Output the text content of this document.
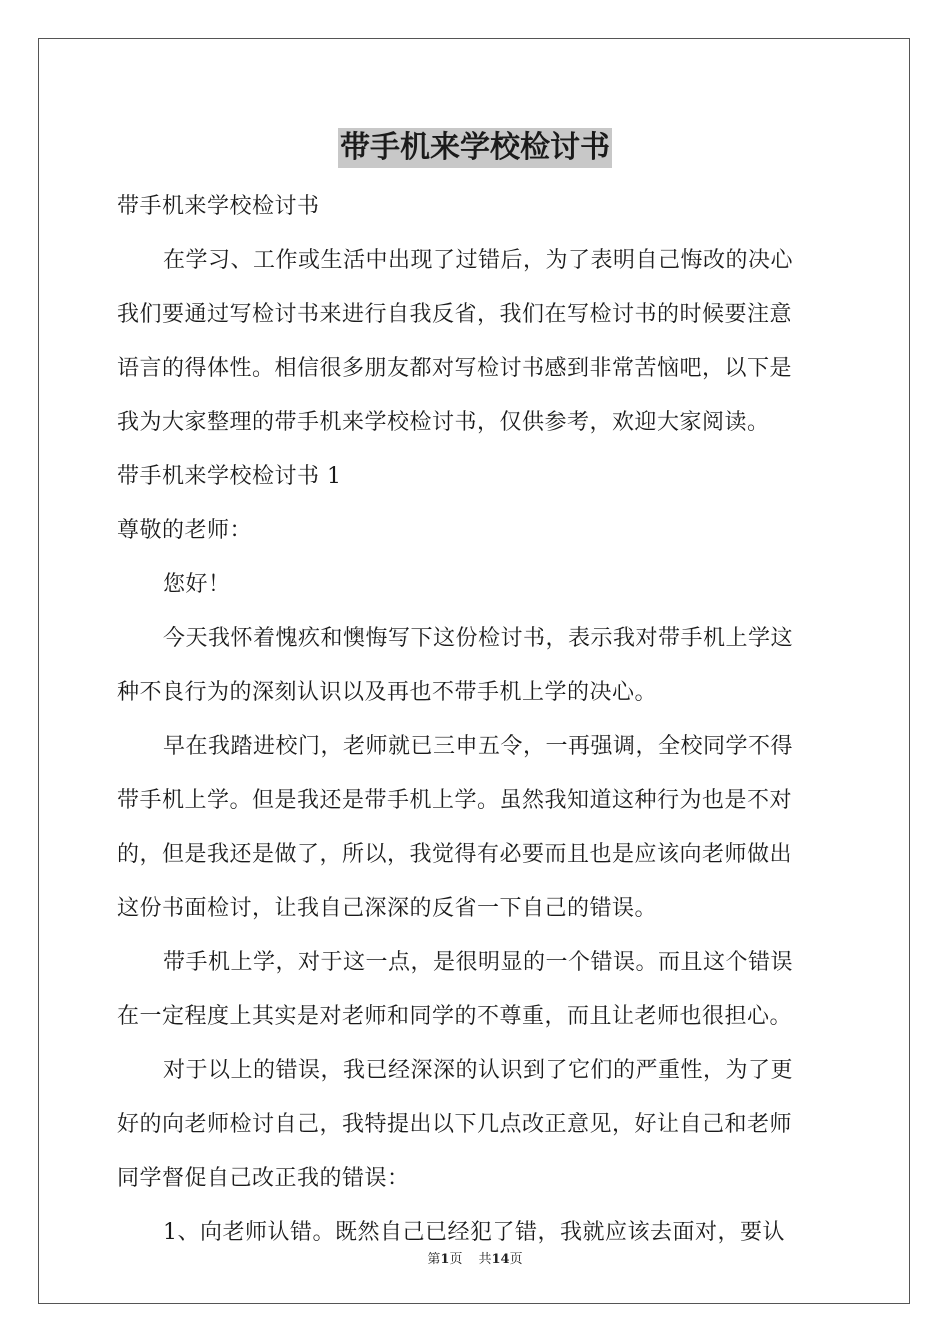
带手机来学校检讨书
带手机来学校检讨书
在学习、工作或生活中出现了过错后，为了表明自己悔改的决心
我们要通过写检讨书来进行自我反省，我们在写检讨书的时候要注意
语言的得体性。相信很多朋友都对写检讨书感到非常苦恼吧，以下是
我为大家整理的带手机来学校检讨书，仅供参考，欢迎大家阅读。
带手机来学校检讨书 1
尊敬的老师：
您好！
今天我怀着愧疚和懊悔写下这份检讨书，表示我对带手机上学这
种不良行为的深刻认识以及再也不带手机上学的决心。
早在我踏进校门，老师就已三申五令，一再强调，全校同学不得
带手机上学。但是我还是带手机上学。虽然我知道这种行为也是不对
的，但是我还是做了，所以，我觉得有必要而且也是应该向老师做出
这份书面检讨，让我自己深深的反省一下自己的错误。
带手机上学，对于这一点，是很明显的一个错误。而且这个错误
在一定程度上其实是对老师和同学的不尊重，而且让老师也很担心。
对于以上的错误，我已经深深的认识到了它们的严重性，为了更
好的向老师检讨自己，我特提出以下几点改正意见，好让自己和老师
同学督促自己改正我的错误：
1、向老师认错。既然自己已经犯了错，我就应该去面对，要认
第1页 共14页
